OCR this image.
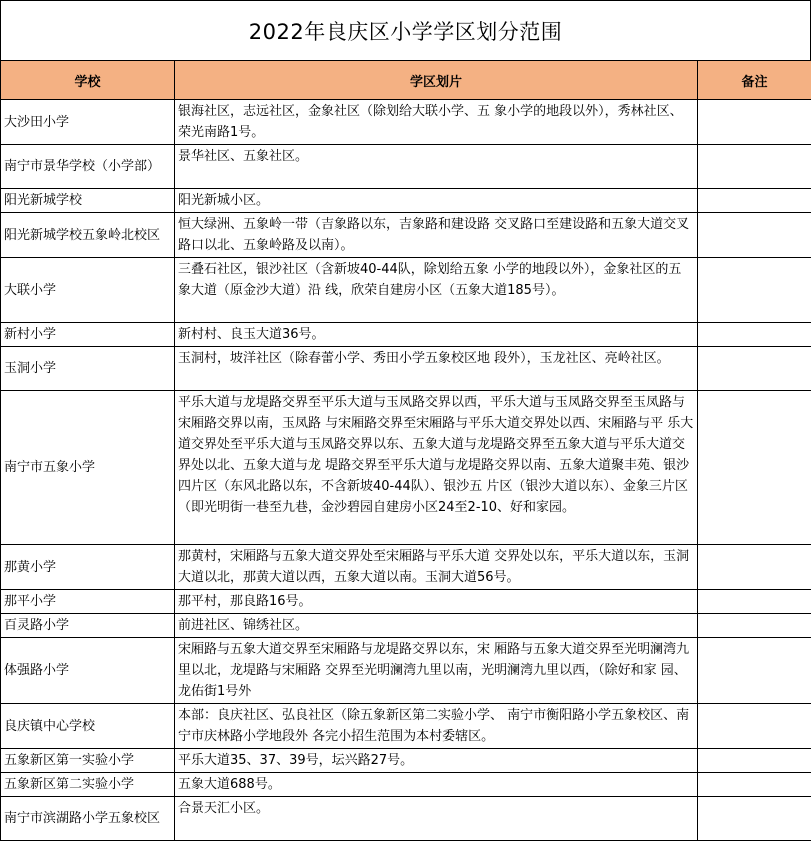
2022年良庆区小学学区划分范围
学校	学区划片	备注
大沙田小学	银海社区，志远社区，金象社区（除划给大联小学、五 象小学的地段以外），秀林社区、荣光南路1号。	
南宁市景华学校（小学部）	景华社区、五象社区。	
阳光新城学校	阳光新城小区。	
阳光新城学校五象岭北校区	恒大绿洲、五象岭一带（吉象路以东，吉象路和建设路 交叉路口至建设路和五象大道交叉路口以北、五象岭路及以南）。	
大联小学	三叠石社区，银沙社区（含新坡40-44队，除划给五象 小学的地段以外），金象社区的五象大道（原金沙大道）沿 线，欣荣自建房小区（五象大道185号）。	
新村小学	新村村、良玉大道36号。	
玉洞小学	玉洞村，坡洋社区（除春蕾小学、秀田小学五象校区地 段外），玉龙社区、亮岭社区。	
南宁市五象小学	平乐大道与龙堤路交界至平乐大道与玉凤路交界以西，平乐大道与玉凤路交界至玉凤路与宋厢路交界以南，玉凤路 与宋厢路交界至宋厢路与平乐大道交界处以西、宋厢路与平 乐大道交界处至平乐大道与玉凤路交界以东、五象大道与龙堤路交界至五象大道与平乐大道交界处以北、五象大道与龙 堤路交界至平乐大道与龙堤路交界以南、五象大道聚丰苑、银沙四片区（东风北路以东，不含新坡40-44队）、银沙五 片区（银沙大道以东）、金象三片区（即光明街一巷至九巷，金沙碧园自建房小区24至2-10、好和家园。	
那黄小学	那黄村，宋厢路与五象大道交界处至宋厢路与平乐大道 交界处以东，平乐大道以东，玉洞大道以北，那黄大道以西，五象大道以南。玉洞大道56号。	
那平小学	那平村，那良路16号。	
百灵路小学	前进社区、锦绣社区。	
体强路小学	宋厢路与五象大道交界至宋厢路与龙堤路交界以东，宋 厢路与五象大道交界至光明澜湾九里以北，龙堤路与宋厢路 交界至光明澜湾九里以南，光明澜湾九里以西，（除好和家 园、龙佑街1号外	
良庆镇中心学校	本部：良庆社区、弘良社区（除五象新区第二实验小学、 南宁市衡阳路小学五象校区、南宁市庆林路小学地段外 各完小招生范围为本村委辖区。	
五象新区第一实验小学	平乐大道35、37、39号，坛兴路27号。	
五象新区第二实验小学	五象大道688号。	
南宁市滨湖路小学五象校区	合景天汇小区。	
